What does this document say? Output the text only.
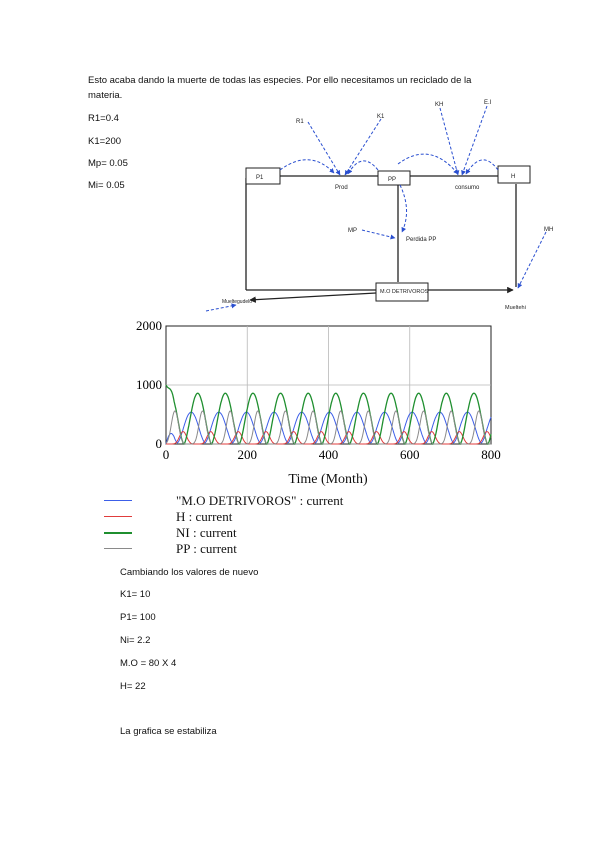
Esto acaba dando la muerte de todas las especies. Por ello necesitamos un reciclado de la materia.
R1=0.4
K1=200
Mp= 0.05
Mi= 0.05
P1
Prod
PP	H
consumo
Perdida PP
M.O DETRIVOROS
Mueltegudelo
Mueltehi
R1
K1
KH	E.I
MP	MH
0	200	400	600	800
0
1000
2000
Time (Month)
"M.O DETRIVOROS" : current
H : current
NI : current
PP : current
Cambiando los valores de nuevo
K1= 10
P1= 100
Ni= 2.2
M.O = 80 X 4
H= 22
La grafica se estabiliza
